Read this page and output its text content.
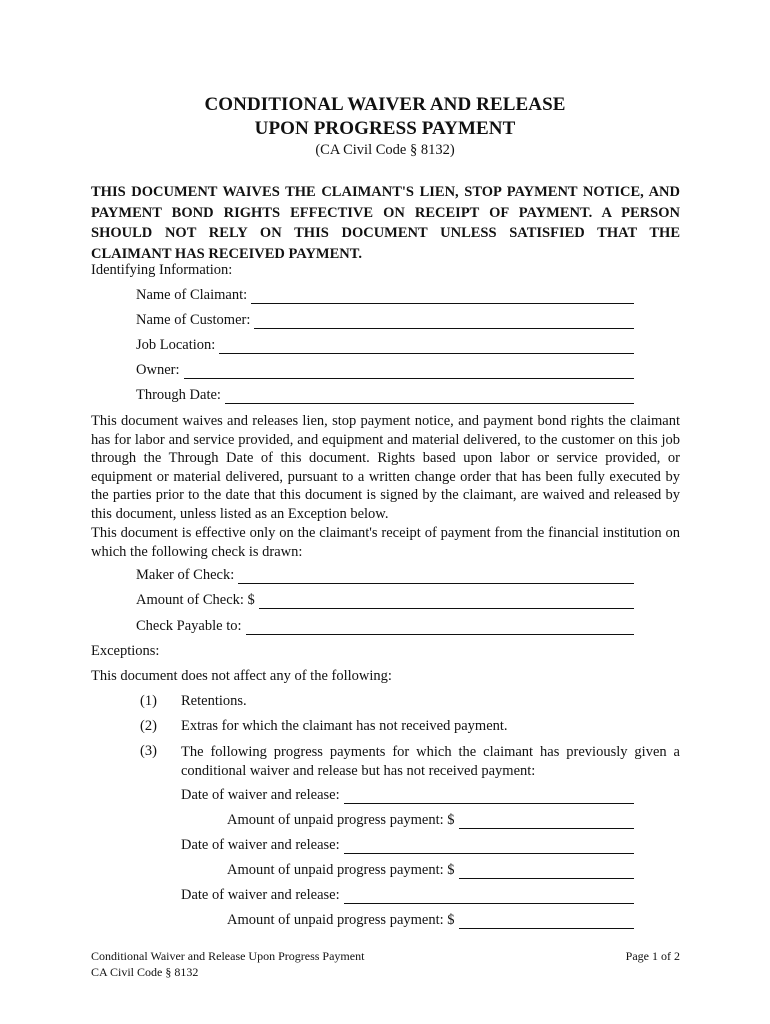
CONDITIONAL WAIVER AND RELEASE
UPON PROGRESS PAYMENT
(CA Civil Code § 8132)
THIS DOCUMENT WAIVES THE CLAIMANT'S LIEN, STOP PAYMENT NOTICE, AND PAYMENT BOND RIGHTS EFFECTIVE ON RECEIPT OF PAYMENT. A PERSON SHOULD NOT RELY ON THIS DOCUMENT UNLESS SATISFIED THAT THE CLAIMANT HAS RECEIVED PAYMENT.
Identifying Information:
Name of Claimant:
Name of Customer:
Job Location:
Owner:
Through Date:
This document waives and releases lien, stop payment notice, and payment bond rights the claimant has for labor and service provided, and equipment and material delivered, to the customer on this job through the Through Date of this document. Rights based upon labor or service provided, or equipment or material delivered, pursuant to a written change order that has been fully executed by the parties prior to the date that this document is signed by the claimant, are waived and released by this document, unless listed as an Exception below.
This document is effective only on the claimant's receipt of payment from the financial institution on which the following check is drawn:
Maker of Check:
Amount of Check: $
Check Payable to:
Exceptions:
This document does not affect any of the following:
(1) Retentions.
(2) Extras for which the claimant has not received payment.
(3) The following progress payments for which the claimant has previously given a conditional waiver and release but has not received payment:
Date of waiver and release:
Amount of unpaid progress payment: $
Date of waiver and release:
Amount of unpaid progress payment: $
Date of waiver and release:
Amount of unpaid progress payment: $
Conditional Waiver and Release Upon Progress Payment
CA Civil Code § 8132
Page 1 of 2
